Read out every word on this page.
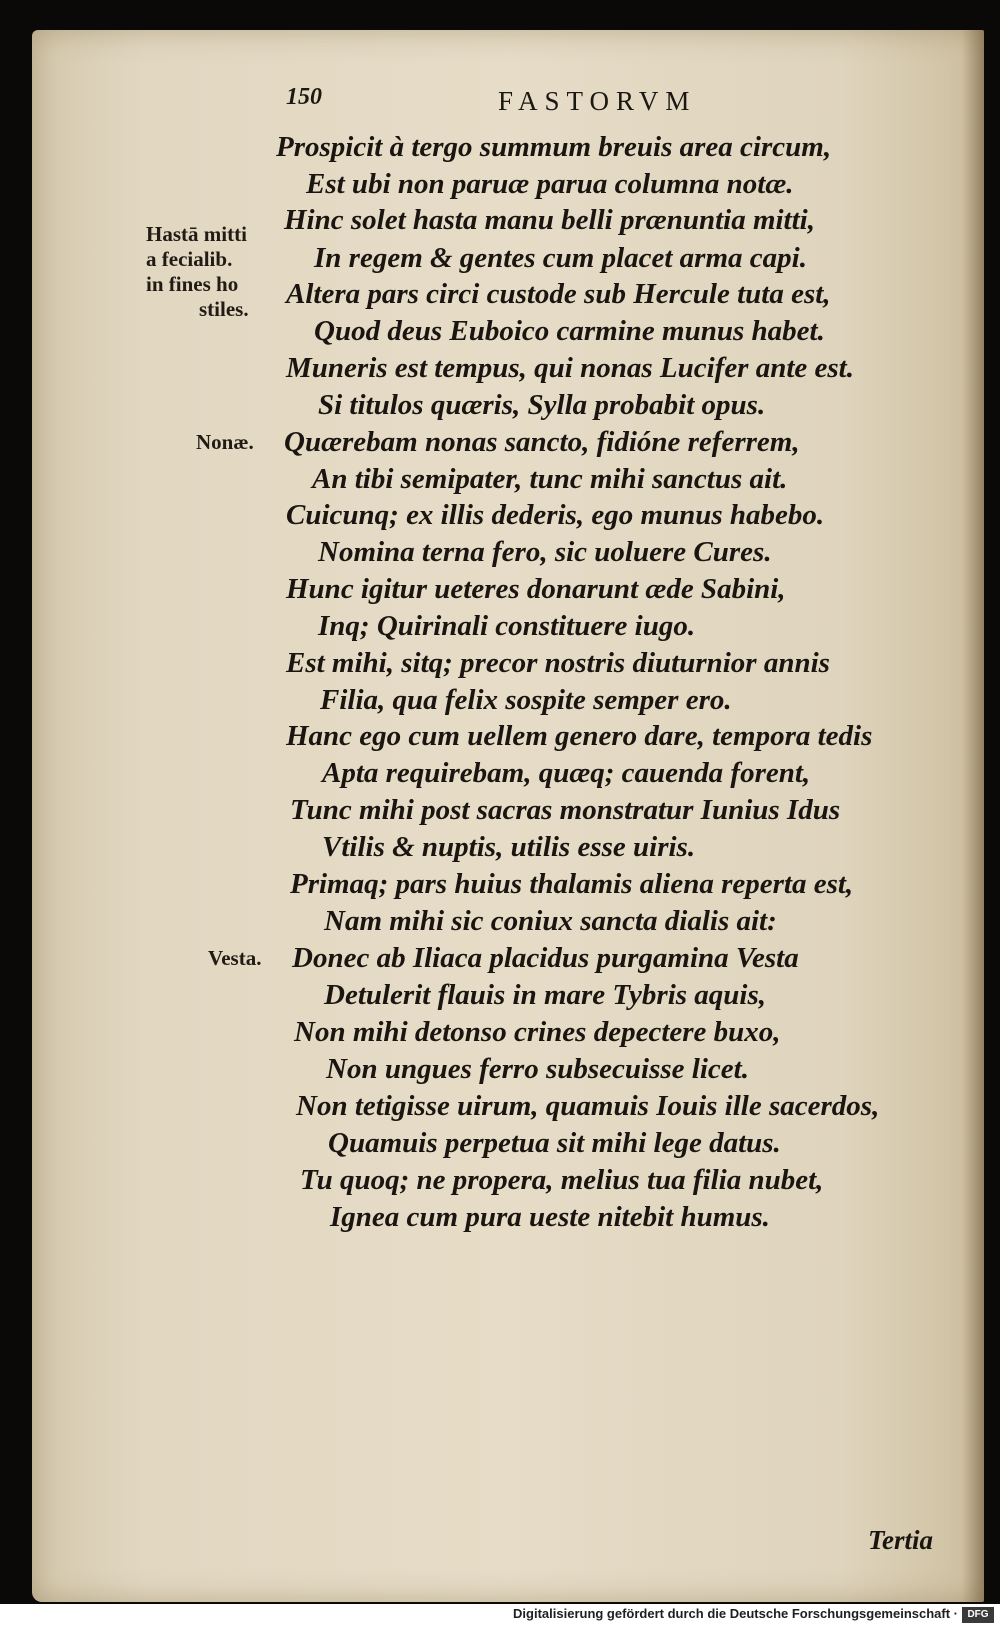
150	FASTORVM
Prospicit à tergo summum breuis area circum,
Est ubi non paruæ parua columna notæ.
Hinc solet hasta manu belli prænuntia mitti,
In regem & gentes cum placet arma capi.
Altera pars circi custode sub Hercule tuta est,
Quod deus Euboico carmine munus habet.
Muneris est tempus, qui nonas Lucifer ante est.
Si titulos quæris, Sylla probabit opus.
Quærebam nonas sancto, fidióne referrem,
An tibi semipater, tunc mihi sanctus ait.
Cuicunq; ex illis dederis, ego munus habebo.
Nomina terna fero, sic uoluere Cures.
Hunc igitur ueteres donarunt æde Sabini,
Inq; Quirinali constituere iugo.
Est mihi, sitq; precor nostris diuturnior annis
Filia, qua felix sospite semper ero.
Hanc ego cum uellem genero dare, tempora tedis
Apta requirebam, quæq; cauenda forent,
Tunc mihi post sacras monstratur Iunius Idus
Vtilis & nuptis, utilis esse uiris.
Primaq; pars huius thalamis aliena reperta est,
Nam mihi sic coniux sancta dialis ait:
Donec ab Iliaca placidus purgamina Vesta
Detulerit flauis in mare Tybris aquis,
Non mihi detonso crines depectere buxo,
Non ungues ferro subsecuisse licet.
Non tetigisse uirum, quamuis Iouis ille sacerdos,
Quamuis perpetua sit mihi lege datus.
Tu quoq; ne propera, melius tua filia nubet,
Ignea cum pura ueste nitebit humus.
Hastā mitti
a fecialib.
in fines ho
stiles.
Nonæ.
Vesta.
Tertia
Digitalisierung gefördert durch die Deutsche Forschungsgemeinschaft · DFG
